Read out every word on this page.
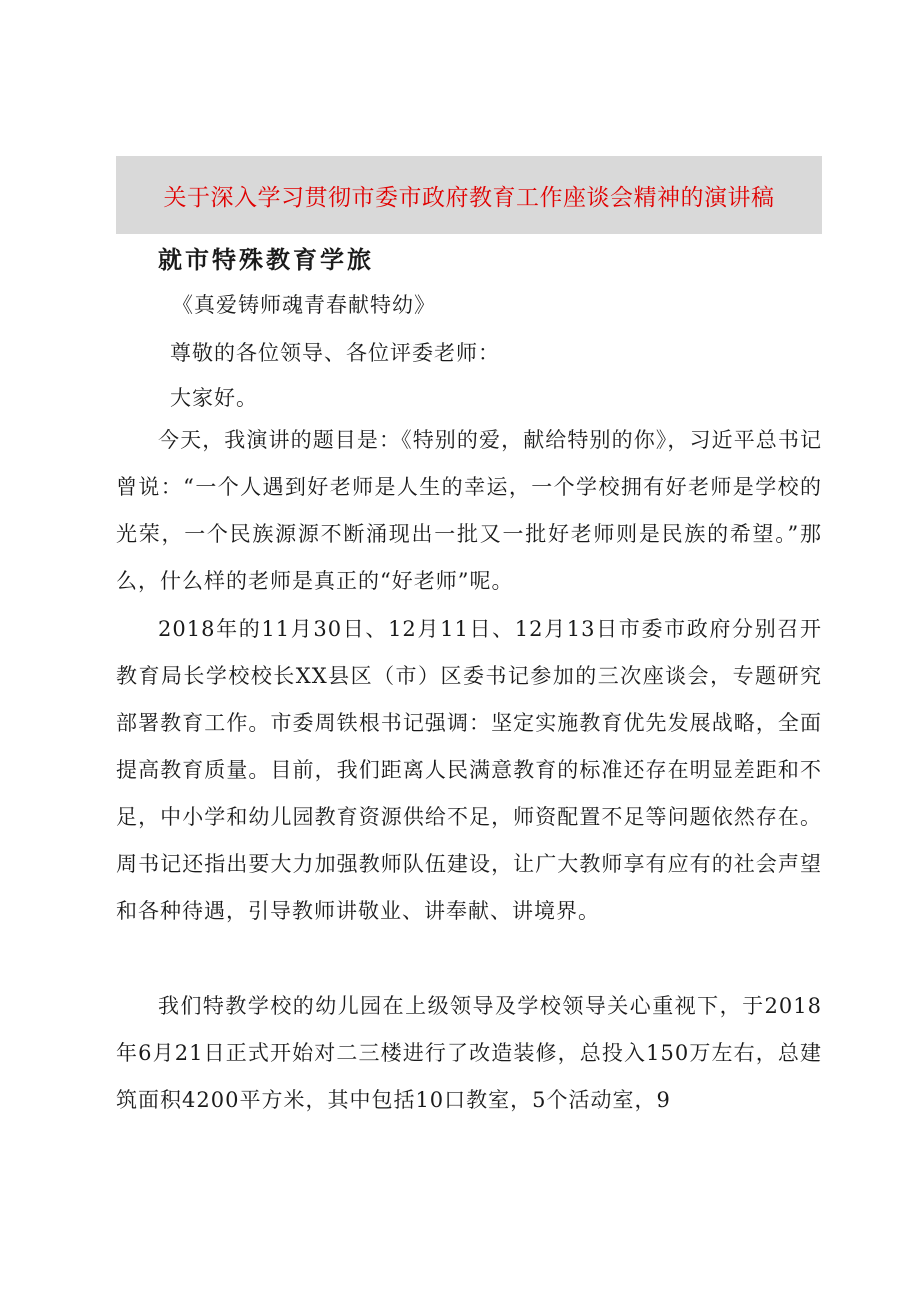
关于深入学习贯彻市委市政府教育工作座谈会精神的演讲稿
就市特殊教育学旅
《真爱铸师魂青春献特幼》
尊敬的各位领导、各位评委老师：
大家好。

今天，我演讲的题目是：《特别的爱，献给特别的你》，习近平总书记曾说：“一个人遇到好老师是人生的幸运，一个学校拥有好老师是学校的光荣，一个民族源源不断涌现出一批又一批好老师则是民族的希望。”那么，什么样的老师是真正的“好老师”呢。

2018年的11月30日、12月11日、12月13日市委市政府分别召开教育局长学校校长XX县区（市）区委书记参加的三次座谈会，专题研究部署教育工作。市委周铁根书记强调：坚定实施教育优先发展战略，全面提高教育质量。目前，我们距离人民满意教育的标准还存在明显差距和不足，中小学和幼儿园教育资源供给不足，师资配置不足等问题依然存在。周书记还指出要大力加强教师队伍建设，让广大教师享有应有的社会声望和各种待遇，引导教师讲敬业、讲奉献、讲境界。

我们特教学校的幼儿园在上级领导及学校领导关心重视下，于2018年6月21日正式开始对二三楼进行了改造装修，总投入150万左右，总建筑面积4200平方米，其中包括10口教室，5个活动室，9
